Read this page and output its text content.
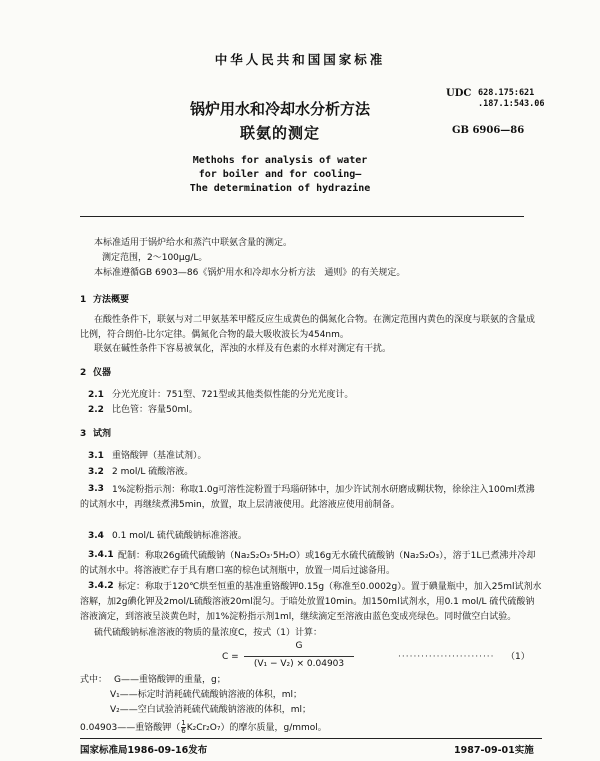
中华人民共和国国家标准
锅炉用水和冷却水分析方法
联氨的测定
UDC 628.175:621
.187.1:543.06
GB 6906—86
Methohs for analysis of water
for boiler and for cooling—
The determination of hydrazine
本标准适用于锅炉给水和蒸汽中联氨含量的测定。
测定范围，2～100μg/L。
本标准遵循GB 6903—86《锅炉用水和冷却水分析方法　通则》的有关规定。
1 方法概要
在酸性条件下，联氨与对二甲氨基苯甲醛反应生成黄色的偶氮化合物。在测定范围内黄色的深度与联氨的含量成比例，符合朗伯-比尔定律。偶氮化合物的最大吸收波长为454nm。
联氨在碱性条件下容易被氧化，浑浊的水样及有色素的水样对测定有干扰。
2 仪器
2.1 分光光度计：751型、721型或其他类似性能的分光光度计。
2.2 比色管：容量50ml。
3 试剂
3.1 重铬酸钾（基准试剂）。
3.2 2 mol/L 硫酸溶液。
3.3 1%淀粉指示剂：称取1.0g可溶性淀粉置于玛瑙研钵中，加少许试剂水研磨成糊状物，徐徐注入100ml煮沸的试剂水中，再继续煮沸5min，放置，取上层清液使用。此溶液应使用前制备。
3.4 0.1 mol/L 硫代硫酸钠标准溶液。
3.4.1 配制：称取26g硫代硫酸钠（Na₂S₂O₃·5H₂O）或16g无水硫代硫酸钠（Na₂S₂O₃），溶于1L已煮沸并冷却的试剂水中。将溶液贮存于具有磨口塞的棕色试剂瓶中，放置一周后过滤备用。
3.4.2 标定：称取于120℃烘至恒重的基准重铬酸钾0.15g（称准至0.0002g）。置于碘量瓶中，加入25ml试剂水溶解，加2g碘化钾及2mol/L硫酸溶液20ml混匀。于暗处放置10min。加150ml试剂水，用0.1 mol/L 硫代硫酸钠溶液滴定，到溶液呈淡黄色时，加1%淀粉指示剂1ml，继续滴定至溶液由蓝色变成亮绿色。同时做空白试验。
硫代硫酸钠标准溶液的物质的量浓度C，按式（1）计算：
C =
G
(V₁ − V₂) × 0.04903
························· （1）
式中： G——重铬酸钾的重量，g；
V₁——标定时消耗硫代硫酸钠溶液的体积，ml；
V₂——空白试验消耗硫代硫酸钠溶液的体积，ml；
0.04903——重铬酸钾（ $\frac{1}{6} K_2Cr_2O_7$）的摩尔质量，g/mmol。
国家标准局1986-09-16发布	1987-09-01实施
